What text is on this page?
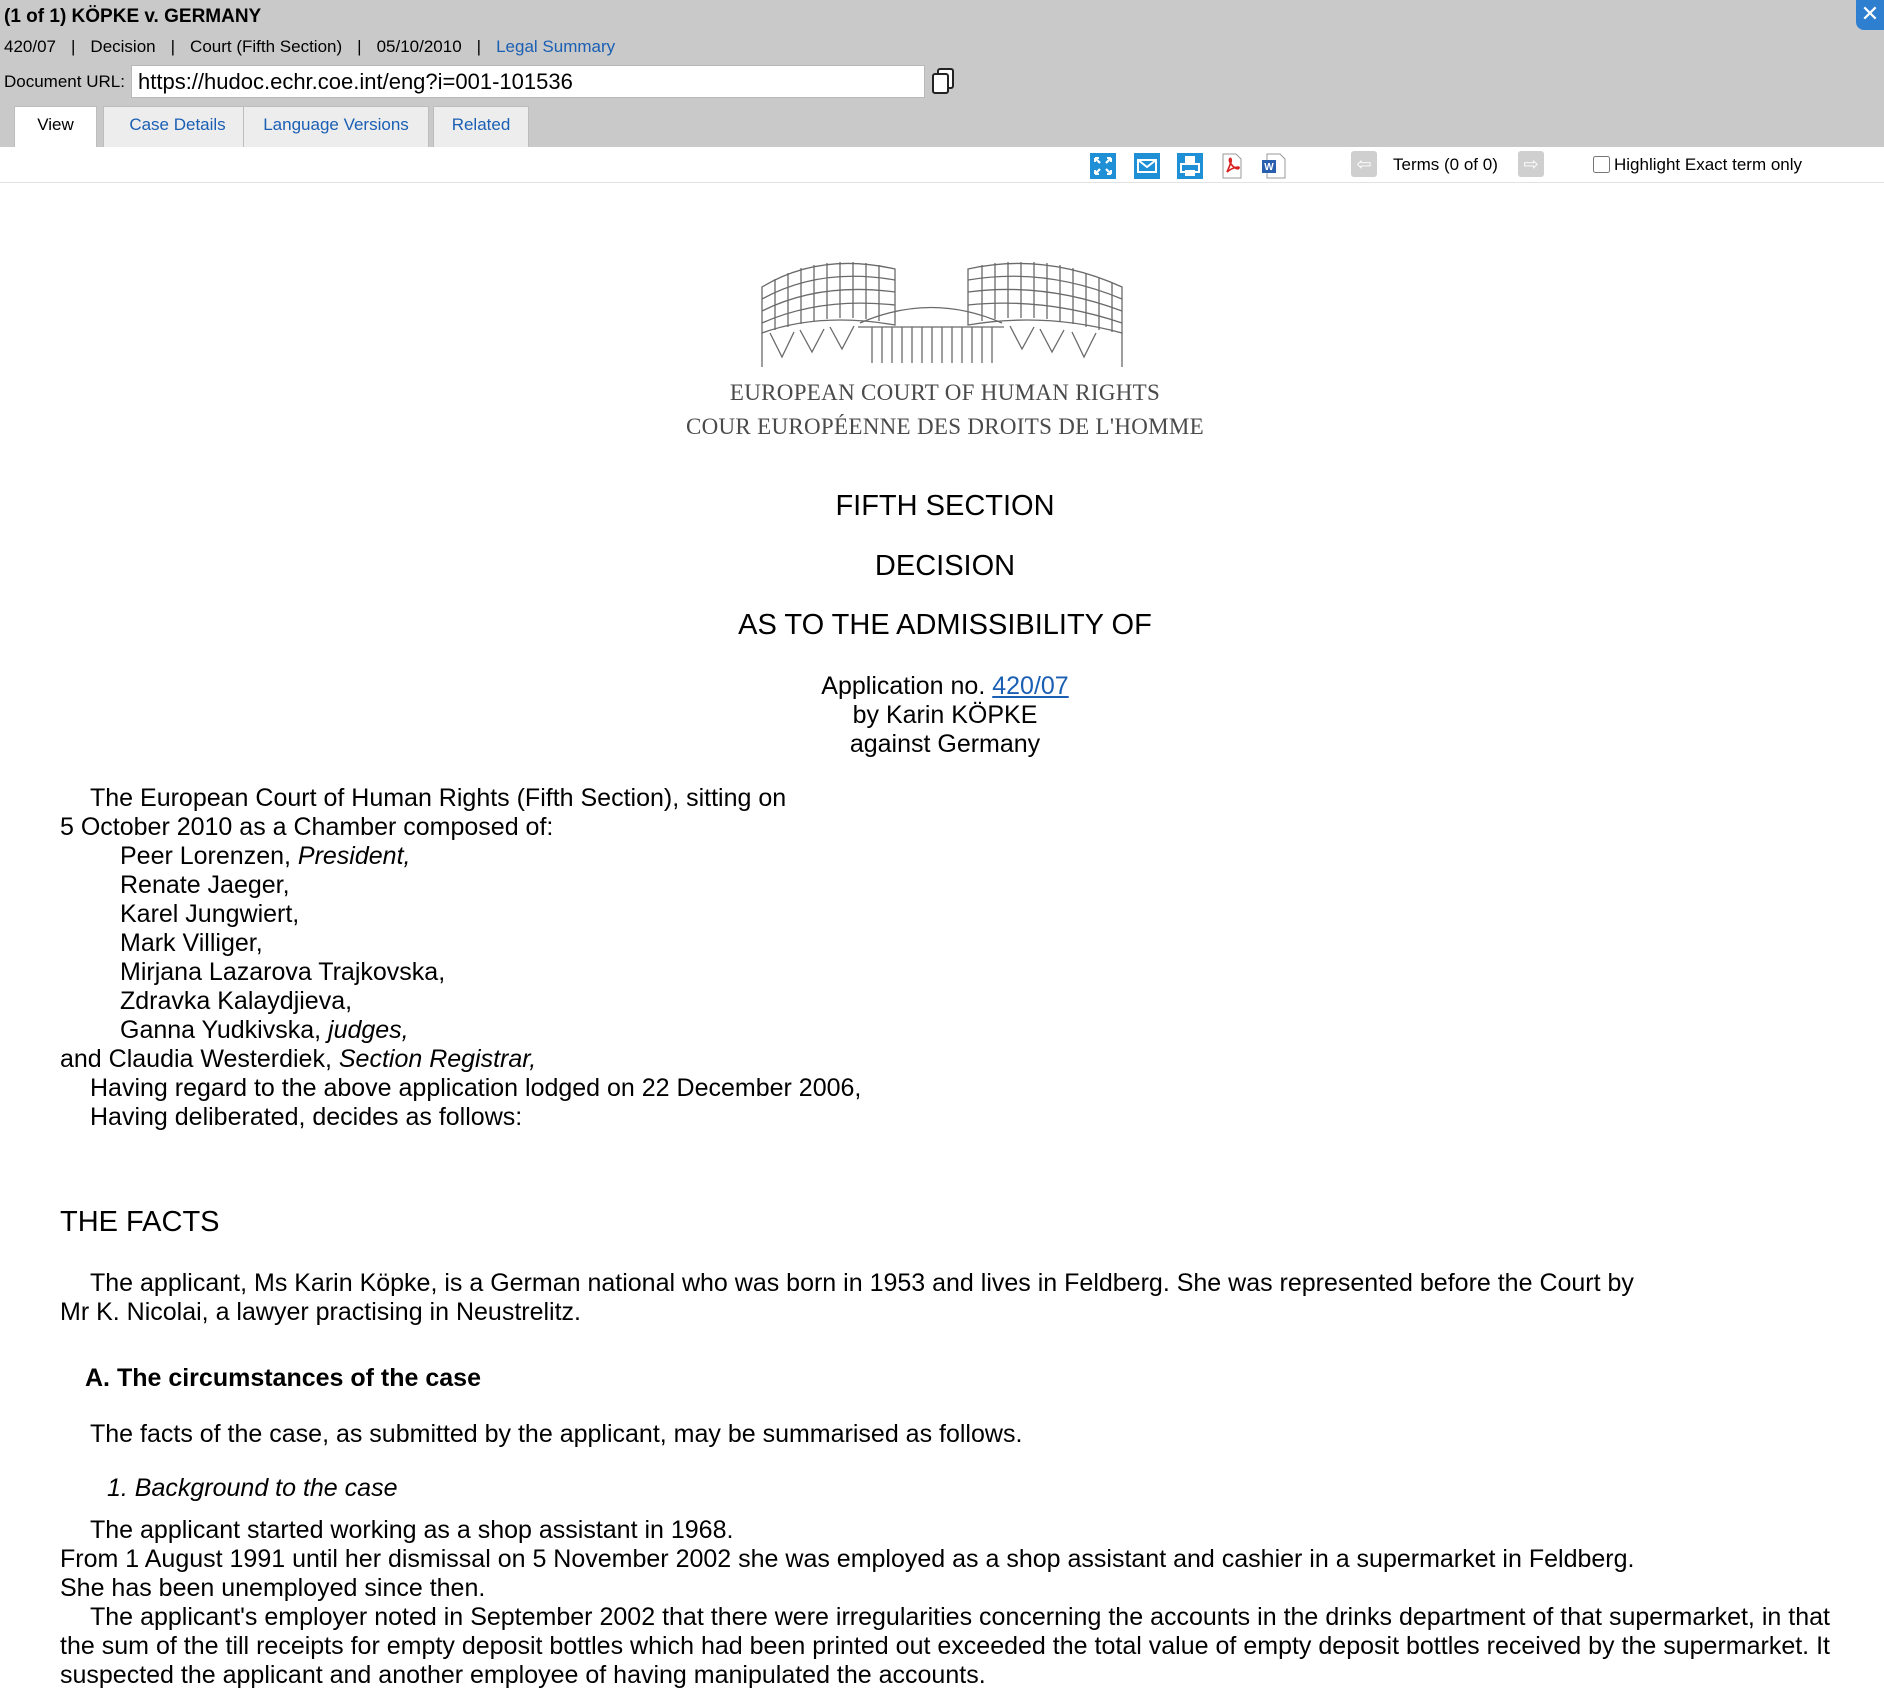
(1 of 1) KÖPKE v. GERMANY
420/07 | Decision | Court (Fifth Section) | 05/10/2010 | Legal Summary
✕
Document URL:
https://hudoc.echr.coe.int/eng?i=001-101536
View	Case Details	Language Versions	Related
W	⇦	Terms (0 of 0)	⇨	Highlight Exact term only
EUROPEAN COURT OF HUMAN RIGHTS
COUR EUROPÉENNE DES DROITS DE L'HOMME
FIFTH SECTION
DECISION
AS TO THE ADMISSIBILITY OF
Application no. 420/07
by Karin KÖPKE
against Germany
The European Court of Human Rights (Fifth Section), sitting on
5 October 2010 as a Chamber composed of:
Peer Lorenzen, President,
Renate Jaeger,
Karel Jungwiert,
Mark Villiger,
Mirjana Lazarova Trajkovska,
Zdravka Kalaydjieva,
Ganna Yudkivska, judges,
and Claudia Westerdiek, Section Registrar,
Having regard to the above application lodged on 22 December 2006,
Having deliberated, decides as follows:
THE FACTS
The applicant, Ms Karin Köpke, is a German national who was born in 1953 and lives in Feldberg. She was represented before the Court by
Mr K. Nicolai, a lawyer practising in Neustrelitz.
A. The circumstances of the case
The facts of the case, as submitted by the applicant, may be summarised as follows.
1. Background to the case
The applicant started working as a shop assistant in 1968.
From 1 August 1991 until her dismissal on 5 November 2002 she was employed as a shop assistant and cashier in a supermarket in Feldberg.
She has been unemployed since then.
The applicant's employer noted in September 2002 that there were irregularities concerning the accounts in the drinks department of that supermarket, in that the sum of the till receipts for empty deposit bottles which had been printed out exceeded the total value of empty deposit bottles received by the supermarket. It suspected the applicant and another employee of having manipulated the accounts.
